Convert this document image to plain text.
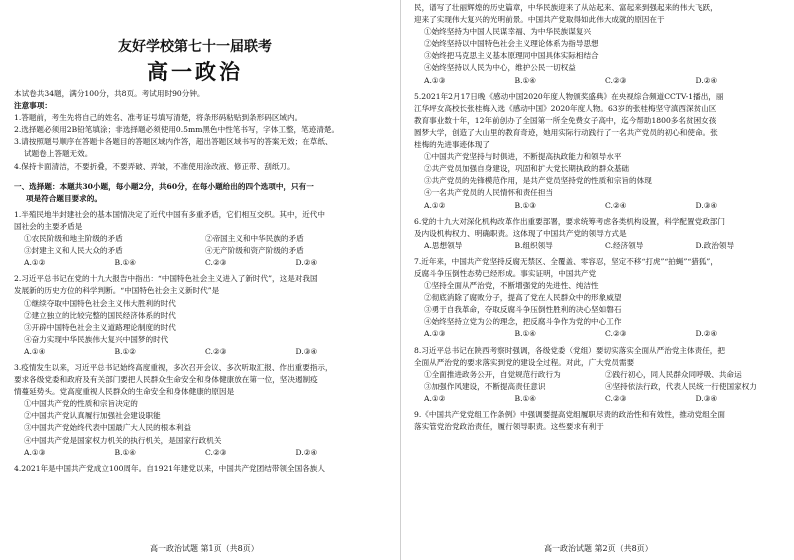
友好学校第七十一届联考
高一政治

本试卷共34题，满分100分，共8页。考试用时90分钟。

注意事项：

1.答题前，考生先将自己的姓名、准考证号填写清楚，将条形码粘贴到条形码区域内。

2.选择题必须用2B铅笔填涂；非选择题必须使用0.5mm黑色中性笔书写，字体工整，笔迹清楚。

3.请按照题号顺序在答题卡各题目的答题区域内作答，超出答题区域书写的答案无效；在草纸、

试题卷上答题无效。

4.保持卡面清洁，不要折叠，不要弄破、弄皱，不准使用涂改液、修正带、刮纸刀。

一、选择题：本题共30小题，每小题2分，共60分，在每小题给出的四个选项中，只有一

项是符合题目要求的。

1.半殖民地半封建社会的基本国情决定了近代中国有多重矛盾，它们相互交织。其中，近代中

国社会的主要矛盾是

①农民阶级和地主阶级的矛盾	②帝国主义和中华民族的矛盾
③封建主义和人民大众的矛盾	④无产阶级和资产阶级的矛盾
A.①②	B.①④	C.②③	D.②④

2.习近平总书记在党的十九大报告中指出：“中国特色社会主义进入了新时代”，这是对我国

发展新的历史方位的科学判断。“中国特色社会主义新时代”是

①继续夺取中国特色社会主义伟大胜利的时代

②建立独立的比较完整的国民经济体系的时代

③开辟中国特色社会主义道路理论制度的时代

④奋力实现中华民族伟大复兴中国梦的时代

A.①④	B.①②	C.②③	D.③④

3.疫情发生以来，习近平总书记始终高度重视，多次召开会议、多次听取汇报、作出重要指示，

要求各级党委和政府及有关部门要把人民群众生命安全和身体健康放在第一位，坚决遏制疫

情蔓延势头。党高度重视人民群众的生命安全和身体健康的原因是

①中国共产党的性质和宗旨决定的

②中国共产党认真履行加强社会建设职能

③中国共产党始终代表中国最广大人民的根本利益

④中国共产党是国家权力机关的执行机关，是国家行政机关

A.①③	B.①④	C.②③	D.②④

4.2021年是中国共产党成立100周年。自1921年建党以来，中国共产党团结带领全国各族人

民，谱写了壮丽辉煌的历史篇章，中华民族迎来了从站起来、富起来到强起来的伟大飞跃，

迎来了实现伟大复兴的光明前景。中国共产党取得如此伟大成就的原因在于

①始终坚持为中国人民谋幸福、为中华民族谋复兴

②始终坚持以中国特色社会主义理论体系为指导思想

③始终把马克思主义基本原理同中国具体实际相结合

④始终坚持以人民为中心，维护公民一切权益

A.①③	B.①④	C.②③	D.②④

5.2021年2月17日晚《感动中国2020年度人物颁奖盛典》在央视综合频道CCTV-1播出，丽

江华坪女高校长张桂梅入选《感动中国》2020年度人物。63岁的张桂梅坚守滇西深贫山区

教育事业数十年，12年前创办了全国第一所全免费女子高中，迄今帮助1800多名贫困女孩

圆梦大学，创造了大山里的教育奇迹，她用实际行动践行了一名共产党员的初心和使命。张

桂梅的先进事迹体现了

①中国共产党坚持与时俱进，不断提高执政能力和领导水平

②共产党员加强自身建设，巩固和扩大党长期执政的群众基础

③共产党员的先锋模范作用，是共产党员坚持党的性质和宗旨的体现

④一名共产党员的人民情怀和责任担当

A.①②	B.①③	C.②④	D.③④

6.党的十九大对深化机构改革作出重要部署，要求统筹考虑各类机构设置，科学配置党政部门

及内设机构权力、明确职责。这体现了中国共产党的领导方式是

A.思想领导	B.组织领导	C.经济领导	D.政治领导

7.近年来，中国共产党坚持反腐无禁区、全覆盖、零容忍，坚定不移“打虎”“拍蝇”“猎狐”，

反腐斗争压倒性态势已经形成。事实证明，中国共产党

①坚持全面从严治党，不断增强党的先进性、纯洁性

②彻底消除了腐败分子，提高了党在人民群众中的形象威望

③勇于自我革命，夺取反腐斗争压倒性胜利的决心坚如磐石

④始终坚持立党为公的理念，把反腐斗争作为党的中心工作

A.①③	B.①④	C.②③	D.②④

8.习近平总书记在陕西考察时强调，各级党委（党组）要切实落实全面从严治党主体责任，把

全面从严治党的要求落实到党的建设全过程。对此，广大党员需要

①全面推进政务公开，自觉规范行政行为	②践行初心，同人民群众同呼吸、共命运
③加强作风建设，不断提高责任意识	④坚持依法行政，代表人民统一行使国家权力
A.①②	B.①④	C.②③	D.③④

9.《中国共产党党组工作条例》中强调要提高党组履职尽责的政治性和有效性，推动党组全面

落实管党治党政治责任，履行领导职责。这些要求有利于

高一政治试题 第1页（共8页）	高一政治试题 第2页（共8页）
